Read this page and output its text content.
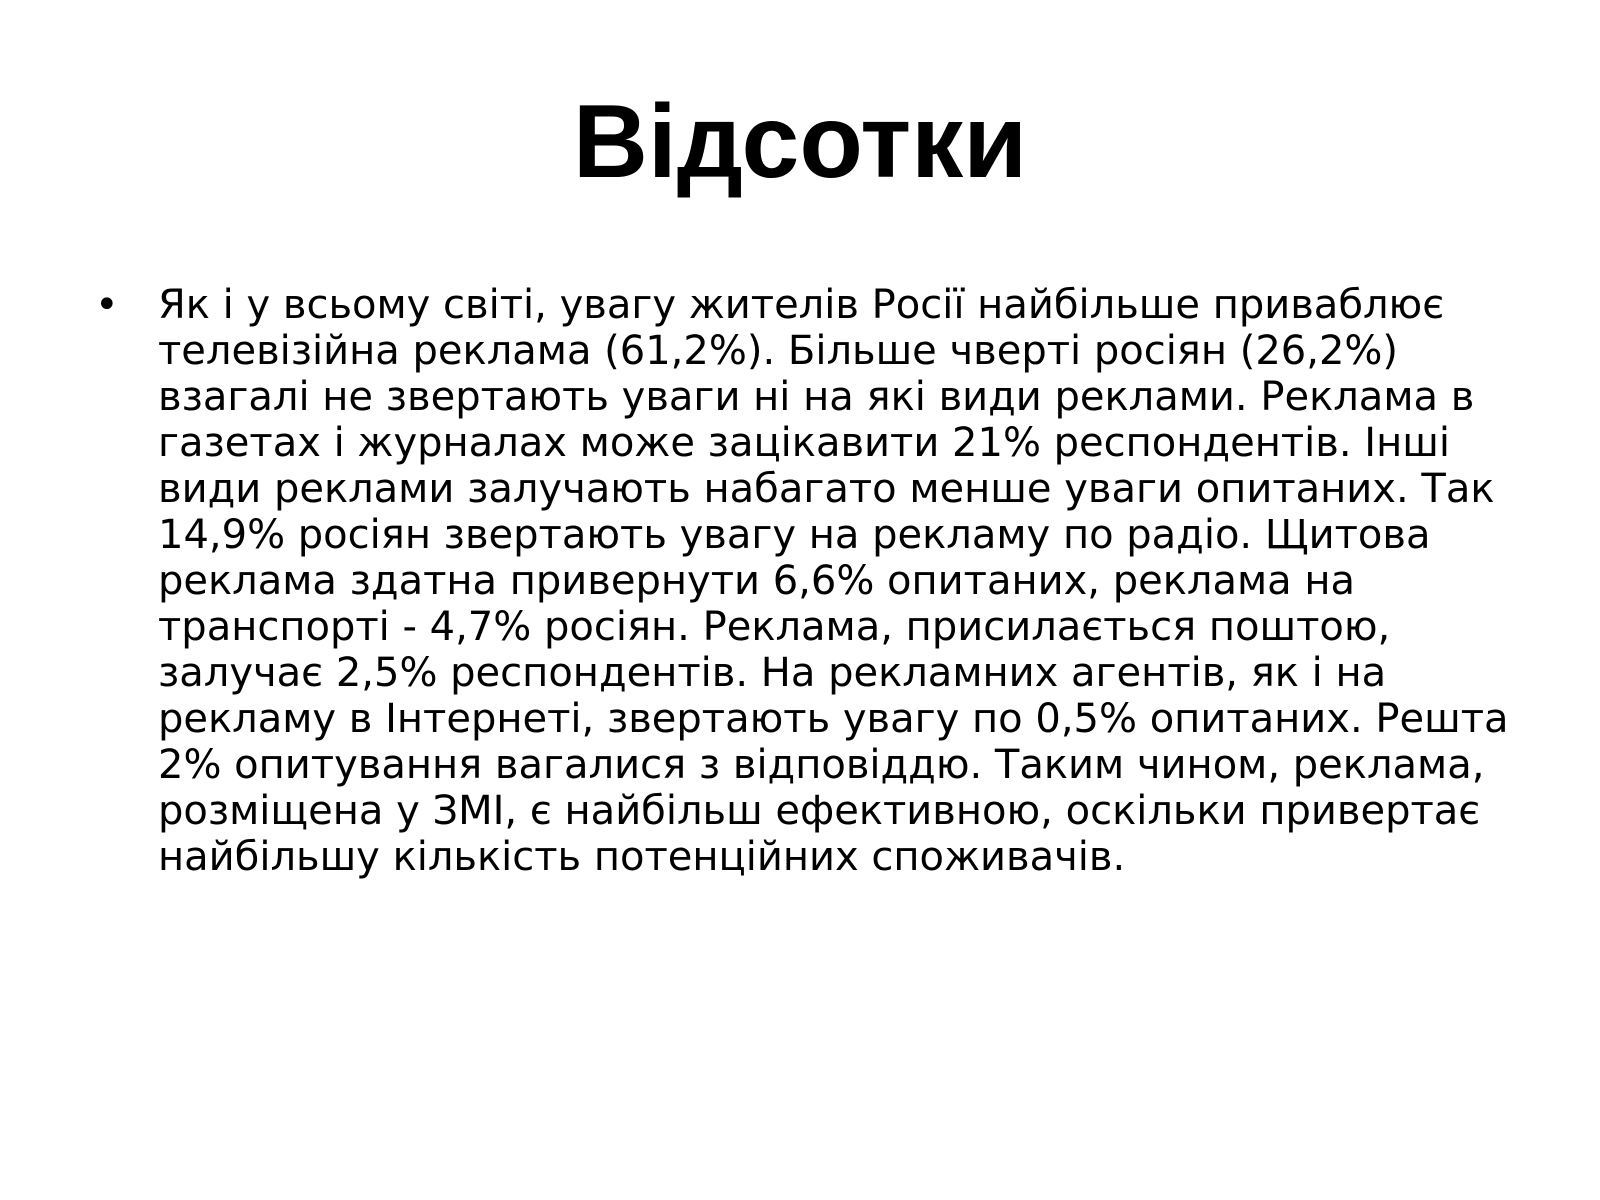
Відсотки
• Як і у всьому світі, увагу жителів Росії найбільше приваблює телевізійна реклама (61,2%). Більше чверті росіян (26,2%) взагалі не звертають уваги ні на які види реклами. Реклама в газетах і журналах може зацікавити 21% респондентів. Інші види реклами залучають набагато менше уваги опитаних. Так 14,9% росіян звертають увагу на рекламу по радіо. Щитова реклама здатна привернути 6,6% опитаних, реклама на транспорті - 4,7% росіян. Реклама, присилається поштою, залучає 2,5% респондентів. На рекламних агентів, як і на рекламу в Інтернеті, звертають увагу по 0,5% опитаних. Решта 2% опитування вагалися з відповіддю. Таким чином, реклама, розміщена у ЗМІ, є найбільш ефективною, оскільки привертає найбільшу кількість потенційних споживачів.
